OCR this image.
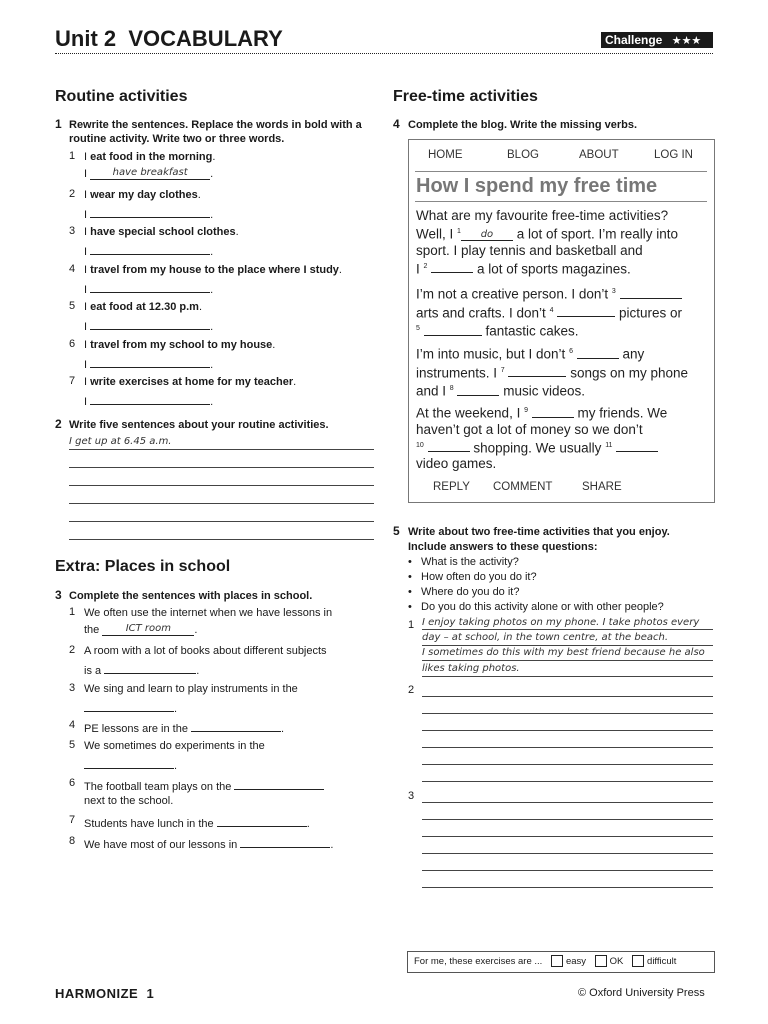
Unit 2 VOCABULARY	Challenge ★★★
Routine activities
1 Rewrite the sentences. Replace the words in bold with a routine activity. Write two or three words.
1 I eat food in the morning.
I	have breakfast .
2 I wear my day clothes.
I	.
3 I have special school clothes.
I	.
4 I travel from my house to the place where I study.
I	.
5 I eat food at 12.30 p.m.
I	.
6 I travel from my school to my house.
I	.
7 I write exercises at home for my teacher.
I	.
2 Write five sentences about your routine activities.
I get up at 6.45 a.m.
Extra: Places in school
3 Complete the sentences with places in school.
1 We often use the internet when we have lessons in
the	ICT room .
2 A room with a lot of books about different subjects
is a	.
3 We sing and learn to play instruments in the
.
4 PE lessons are in the	.
5 We sometimes do experiments in the
.
6 The football team plays on the
next to the school.
7 Students have lunch in the	.
8 We have most of our lessons in	.
Free-time activities
4 Complete the blog. Write the missing verbs.
HOME	BLOG	ABOUT	LOG IN
How I spend my free time
What are my favourite free-time activities?
Well, I $^1$ do a lot of sport. I’m really into
sport. I play tennis and basketball and
I $^2$	a lot of sports magazines.
I’m not a creative person. I don’t $^3$
arts and crafts. I don’t $^4$	pictures or
$^5$	fantastic cakes.
I’m into music, but I don’t $^6$	any
instruments. I $^7$	songs on my phone
and I $^8$	music videos.
At the weekend, I $^9$	my friends. We
haven’t got a lot of money so we don’t
$^{10}$	shopping. We usually $^{11}$
video games.
REPLY COMMENT	SHARE
5 Write about two free-time activities that you enjoy.
Include answers to these questions:
•   What is the activity?
•   How often do you do it?
•   Where do you do it?
•   Do you do this activity alone or with other people?
1 I enjoy taking photos on my phone. I take photos every
day – at school, in the town centre, at the beach.
I sometimes do this with my best friend because he also
likes taking photos.
2
3
For me, these exercises are ... easy OK difficult
HARMONIZE 1	© Oxford University Press
